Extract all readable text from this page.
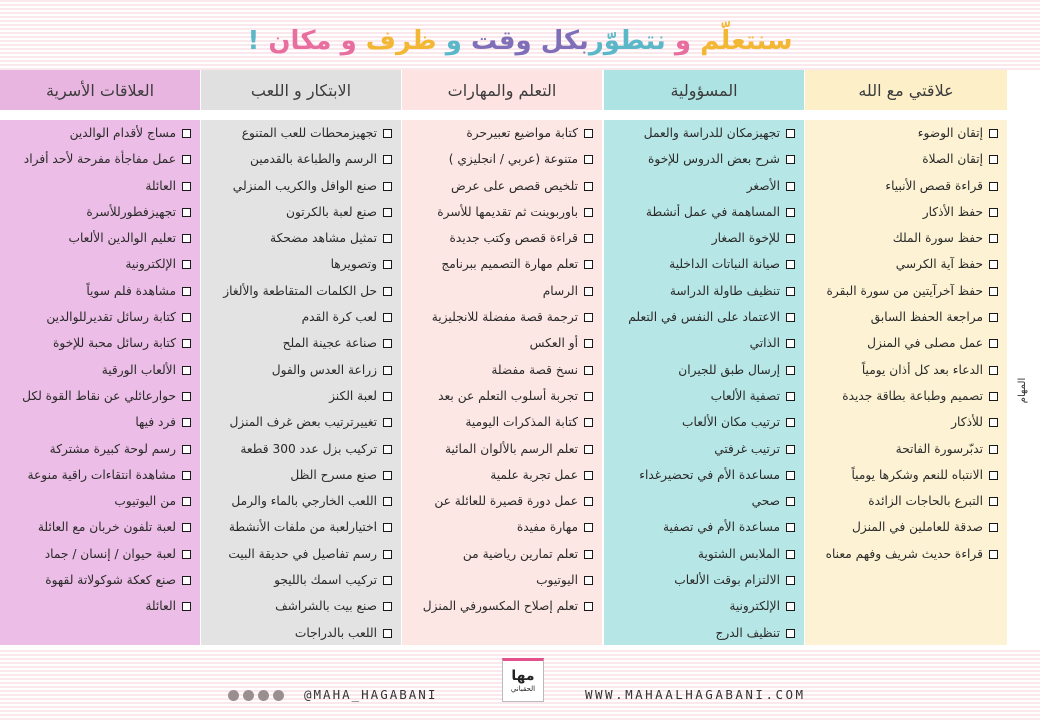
سنتعلّم و نتطوّربكل وقت و ظرف و مكان !
علاقتي مع الله
إتقان الوضوء
إتقان الصلاة
قراءة قصص الأنبياء
حفظ الأذكار
حفظ سورة الملك
حفظ آية الكرسي
حفظ آخرآيتين من سورة البقرة
مراجعة الحفظ السابق
عمل مصلى في المنزل
الدعاء بعد كل أذان يومياً
تصميم وطباعة بطاقة جديدة
للأذكار
تدبّرسورة الفاتحة
الانتباه للنعم وشكرها يومياً
التبرع بالحاجات الزائدة
صدقة للعاملين في المنزل
قراءة حديث شريف وفهم معناه
المسؤولية
تجهيزمكان للدراسة والعمل
شرح بعض الدروس للإخوة
الأصغر
المساهمة في عمل أنشطة
للإخوة الصغار
صيانة النباتات الداخلية
تنظيف طاولة الدراسة
الاعتماد على النفس في التعلم
الذاتي
إرسال طبق للجيران
تصفية الألعاب
ترتيب مكان الألعاب
ترتيب غرفتي
مساعدة الأم في تحضيرغداء
صحي
مساعدة الأم في تصفية
الملابس الشتوية
الالتزام بوقت الألعاب
الإلكترونية
تنظيف الدرج
التعلم والمهارات
كتابة مواضيع تعبيرحرة
متنوعة (عربي / انجليزي )
تلخيص قصص على عرض
باوربوينت ثم تقديمها للأسرة
قراءة قصص وكتب جديدة
تعلم مهارة التصميم ببرنامج
الرسام
ترجمة قصة مفضلة للانجليزية
أو العكس
نسخ قصة مفضلة
تجربة أسلوب التعلم عن بعد
كتابة المذكرات اليومية
تعلم الرسم بالألوان المائية
عمل تجربة علمية
عمل دورة قصيرة للعائلة عن
مهارة مفيدة
تعلم تمارين رياضية من
اليوتيوب
تعلم إصلاح المكسورفي المنزل
الابتكار و اللعب
تجهيزمحطات للعب المتنوع
الرسم والطباعة بالقدمين
صنع الوافل والكريب المنزلي
صنع لعبة بالكرتون
تمثيل مشاهد مضحكة
وتصويرها
حل الكلمات المتقاطعة والألغاز
لعب كرة القدم
صناعة عجينة الملح
زراعة العدس والفول
لعبة الكنز
تغييرترتيب بعض غرف المنزل
تركيب بزل عدد 300 قطعة
صنع مسرح الظل
اللعب الخارجي بالماء والرمل
اختيارلعبة من ملفات الأنشطة
رسم تفاصيل في حديقة البيت
تركيب اسمك بالليجو
صنع بيت بالشراشف
اللعب بالدراجات
العلاقات الأسرية
مساج لأقدام الوالدين
عمل مفاجأة مفرحة لأحد أفراد
العائلة
تجهيزفطورللأسرة
تعليم الوالدين الألعاب
الإلكترونية
مشاهدة فلم سوياً
كتابة رسائل تقديرللوالدين
كتابة رسائل محبة للإخوة
الألعاب الورقية
حوارعائلي عن نقاط القوة لكل
فرد فيها
رسم لوحة كبيرة مشتركة
مشاهدة انتقاءات راقية منوعة
من اليوتيوب
لعبة تلفون خربان مع العائلة
لعبة حيوان / إنسان / جماد
صنع كعكة شوكولاتة لقهوة
العائلة
المهام
@MAHA_HAGABANI
مها
الحقباني	WWW.MAHAALHAGABANI.COM
